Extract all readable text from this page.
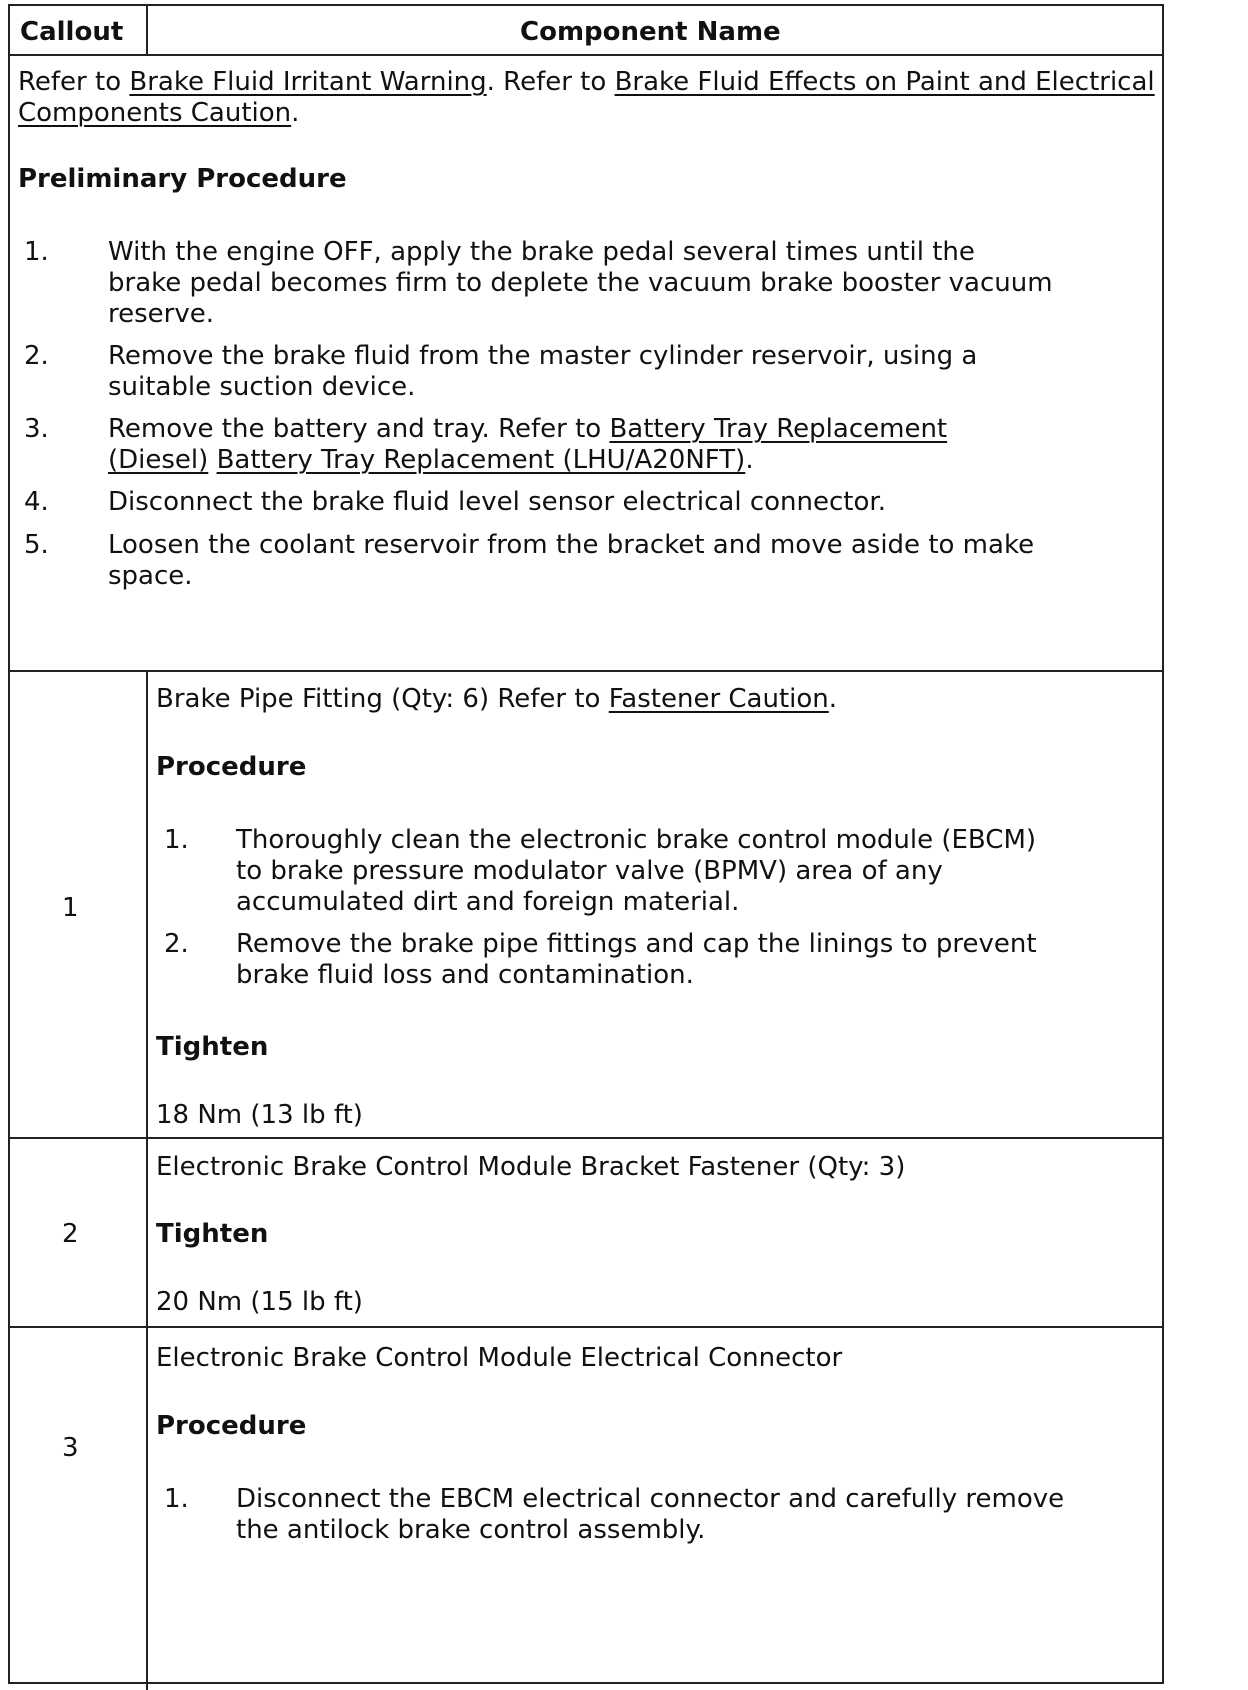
Callout	Component Name
Refer to Brake Fluid Irritant Warning. Refer to Brake Fluid Effects on Paint and Electrical
Components Caution.
Preliminary Procedure
1. With the engine OFF, apply the brake pedal several times until the
brake pedal becomes firm to deplete the vacuum brake booster vacuum
reserve.
2. Remove the brake fluid from the master cylinder reservoir, using a
suitable suction device.
3. Remove the battery and tray. Refer to Battery Tray Replacement
(Diesel) Battery Tray Replacement (LHU/A20NFT).
4. Disconnect the brake fluid level sensor electrical connector.
5. Loosen the coolant reservoir from the bracket and move aside to make
space.
1
Brake Pipe Fitting (Qty: 6) Refer to Fastener Caution.
Procedure
1. Thoroughly clean the electronic brake control module (EBCM)
to brake pressure modulator valve (BPMV) area of any
accumulated dirt and foreign material.
2. Remove the brake pipe fittings and cap the linings to prevent
brake fluid loss and contamination.
Tighten
18 Nm (13 lb ft)
2
Electronic Brake Control Module Bracket Fastener (Qty: 3)
Tighten
20 Nm (15 lb ft)
3
Electronic Brake Control Module Electrical Connector
Procedure
1. Disconnect the EBCM electrical connector and carefully remove
the antilock brake control assembly.
